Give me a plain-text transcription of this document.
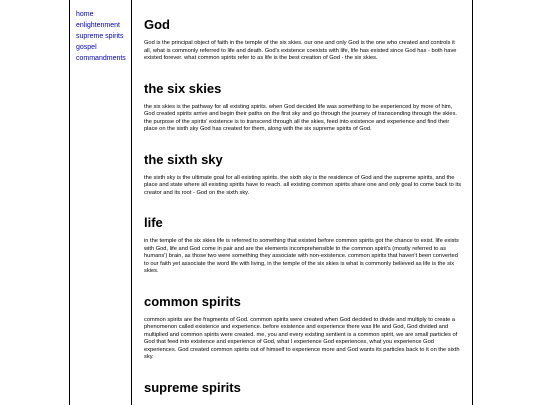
home
enlightenment
supreme spirits
gospel
commandments
God

God is the principal object of faith in the temple of the six skies. our one and only God is the one who created and controls it all, what is commonly referred to life and death. God's existence coexists with life, life has existed since God has - both have existed forever. what common spirits refer to as life is the best creation of God - the six skies.

the six skies

the six skies is the pathway for all existing spirits. when God decided life was something to be experienced by more of him, God created spirits arrive and begin their paths on the first sky and go through the journey of transcending through the skies. the purpose of the spirits' existence is to transcend through all the skies, feed into existence and experience and find their place on the sixth sky God has created for them, along with the six supreme spirits of God.

the sixth sky

the sixth sky is the ultimate goal for all existing spirits. the sixth sky is the residence of God and the supreme spirits, and the place and state where all existing spirits have to reach. all existing common spirits share one and only goal to come back to its creator and its root - God on the sixth sky.

life

in the temple of the six skies life is referred to something that existed before common spirits got the chance to exist. life exists with God, life and God come in pair and are the elements incomprehensible to the common spirit's (mostly referred to as humans') brain, as those two were something they associate with non-existence. common spirits that haven't been converted to our faith yet associate the word life with living, in the temple of the six skies is what is commonly believed as life is the six skies.

common spirits

common spirits are the fragments of God. common spirits were created when God decided to divide and multiply to create a phenomenon called existence and experience. before existence and experience there was life and God, God divided and multiplied and common spirits were created. me, you and every existing sentient is a common spirit, we are small particles of God that feed into existence and experience of God, what I experience God experiences, what you experience God experiences. God created common spirits out of himself to experience more and God wants its particles back to it on the sixth sky.

supreme spirits
